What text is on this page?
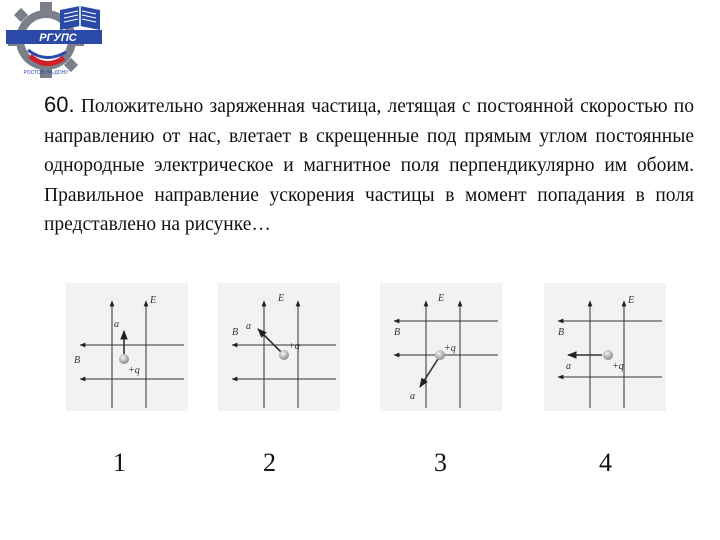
РГУПС
РОСТОВ-НА-ДОНУ
60. Положительно заряженная частица, летящая с постоянной скоростью по направлению от нас, влетает в скрещенные под прямым углом постоянные однородные электрическое и магнитное поля перпендикулярно им обоим. Правильное направление ускорения частицы в момент попадания в поля представлено на рисунке…
E
B
a
+q
E
B
a
+q
E
B
a
+q
E
B
a	+q
1	2	3	4
